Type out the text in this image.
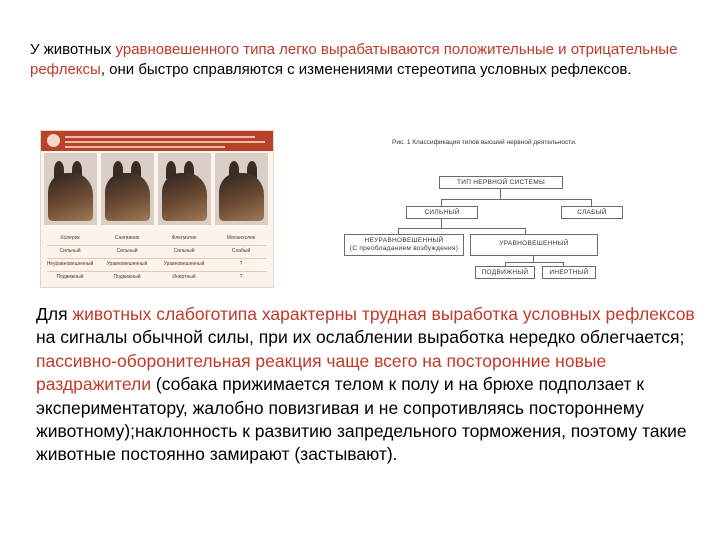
У животных уравновешенного типа легко вырабатываются положительные и отрицательные рефлексы, они быстро справляются с изменениями стереотипа условных рефлексов.
Холерик	Сангвиник	Флегматик	Меланхолик
Сильный	Сильный	Сильный	Слабый
Неуравновешенный	Уравновешенный	Уравновешенный	?
Подвижный	Подвижный	Инертный	?
Рис. 1 Классификация типов высшей нервной деятельности.
ТИП НЕРВНОЙ СИСТЕМЫ
СИЛЬНЫЙ	СЛАБЫЙ
НЕУРАВНОВЕШЕННЫЙ
(С преобладанием возбуждения)
УРАВНОВЕШЕННЫЙ
ПОДВИЖНЫЙ	ИНЕРТНЫЙ
Для животных слабоготипа характерны трудная выработка условных рефлексов на сигналы обычной силы, при их ослаблении выработка нередко облегчается; пассивно-оборонительная реакция чаще всего на посторонние новые раздражители (собака прижимается телом к полу и на брюхе подползает к экспериментатору, жалобно повизгивая и не сопротивляясь постороннему животному);наклонность к развитию запредельного торможения, поэтому такие животные постоянно замирают (застывают).
